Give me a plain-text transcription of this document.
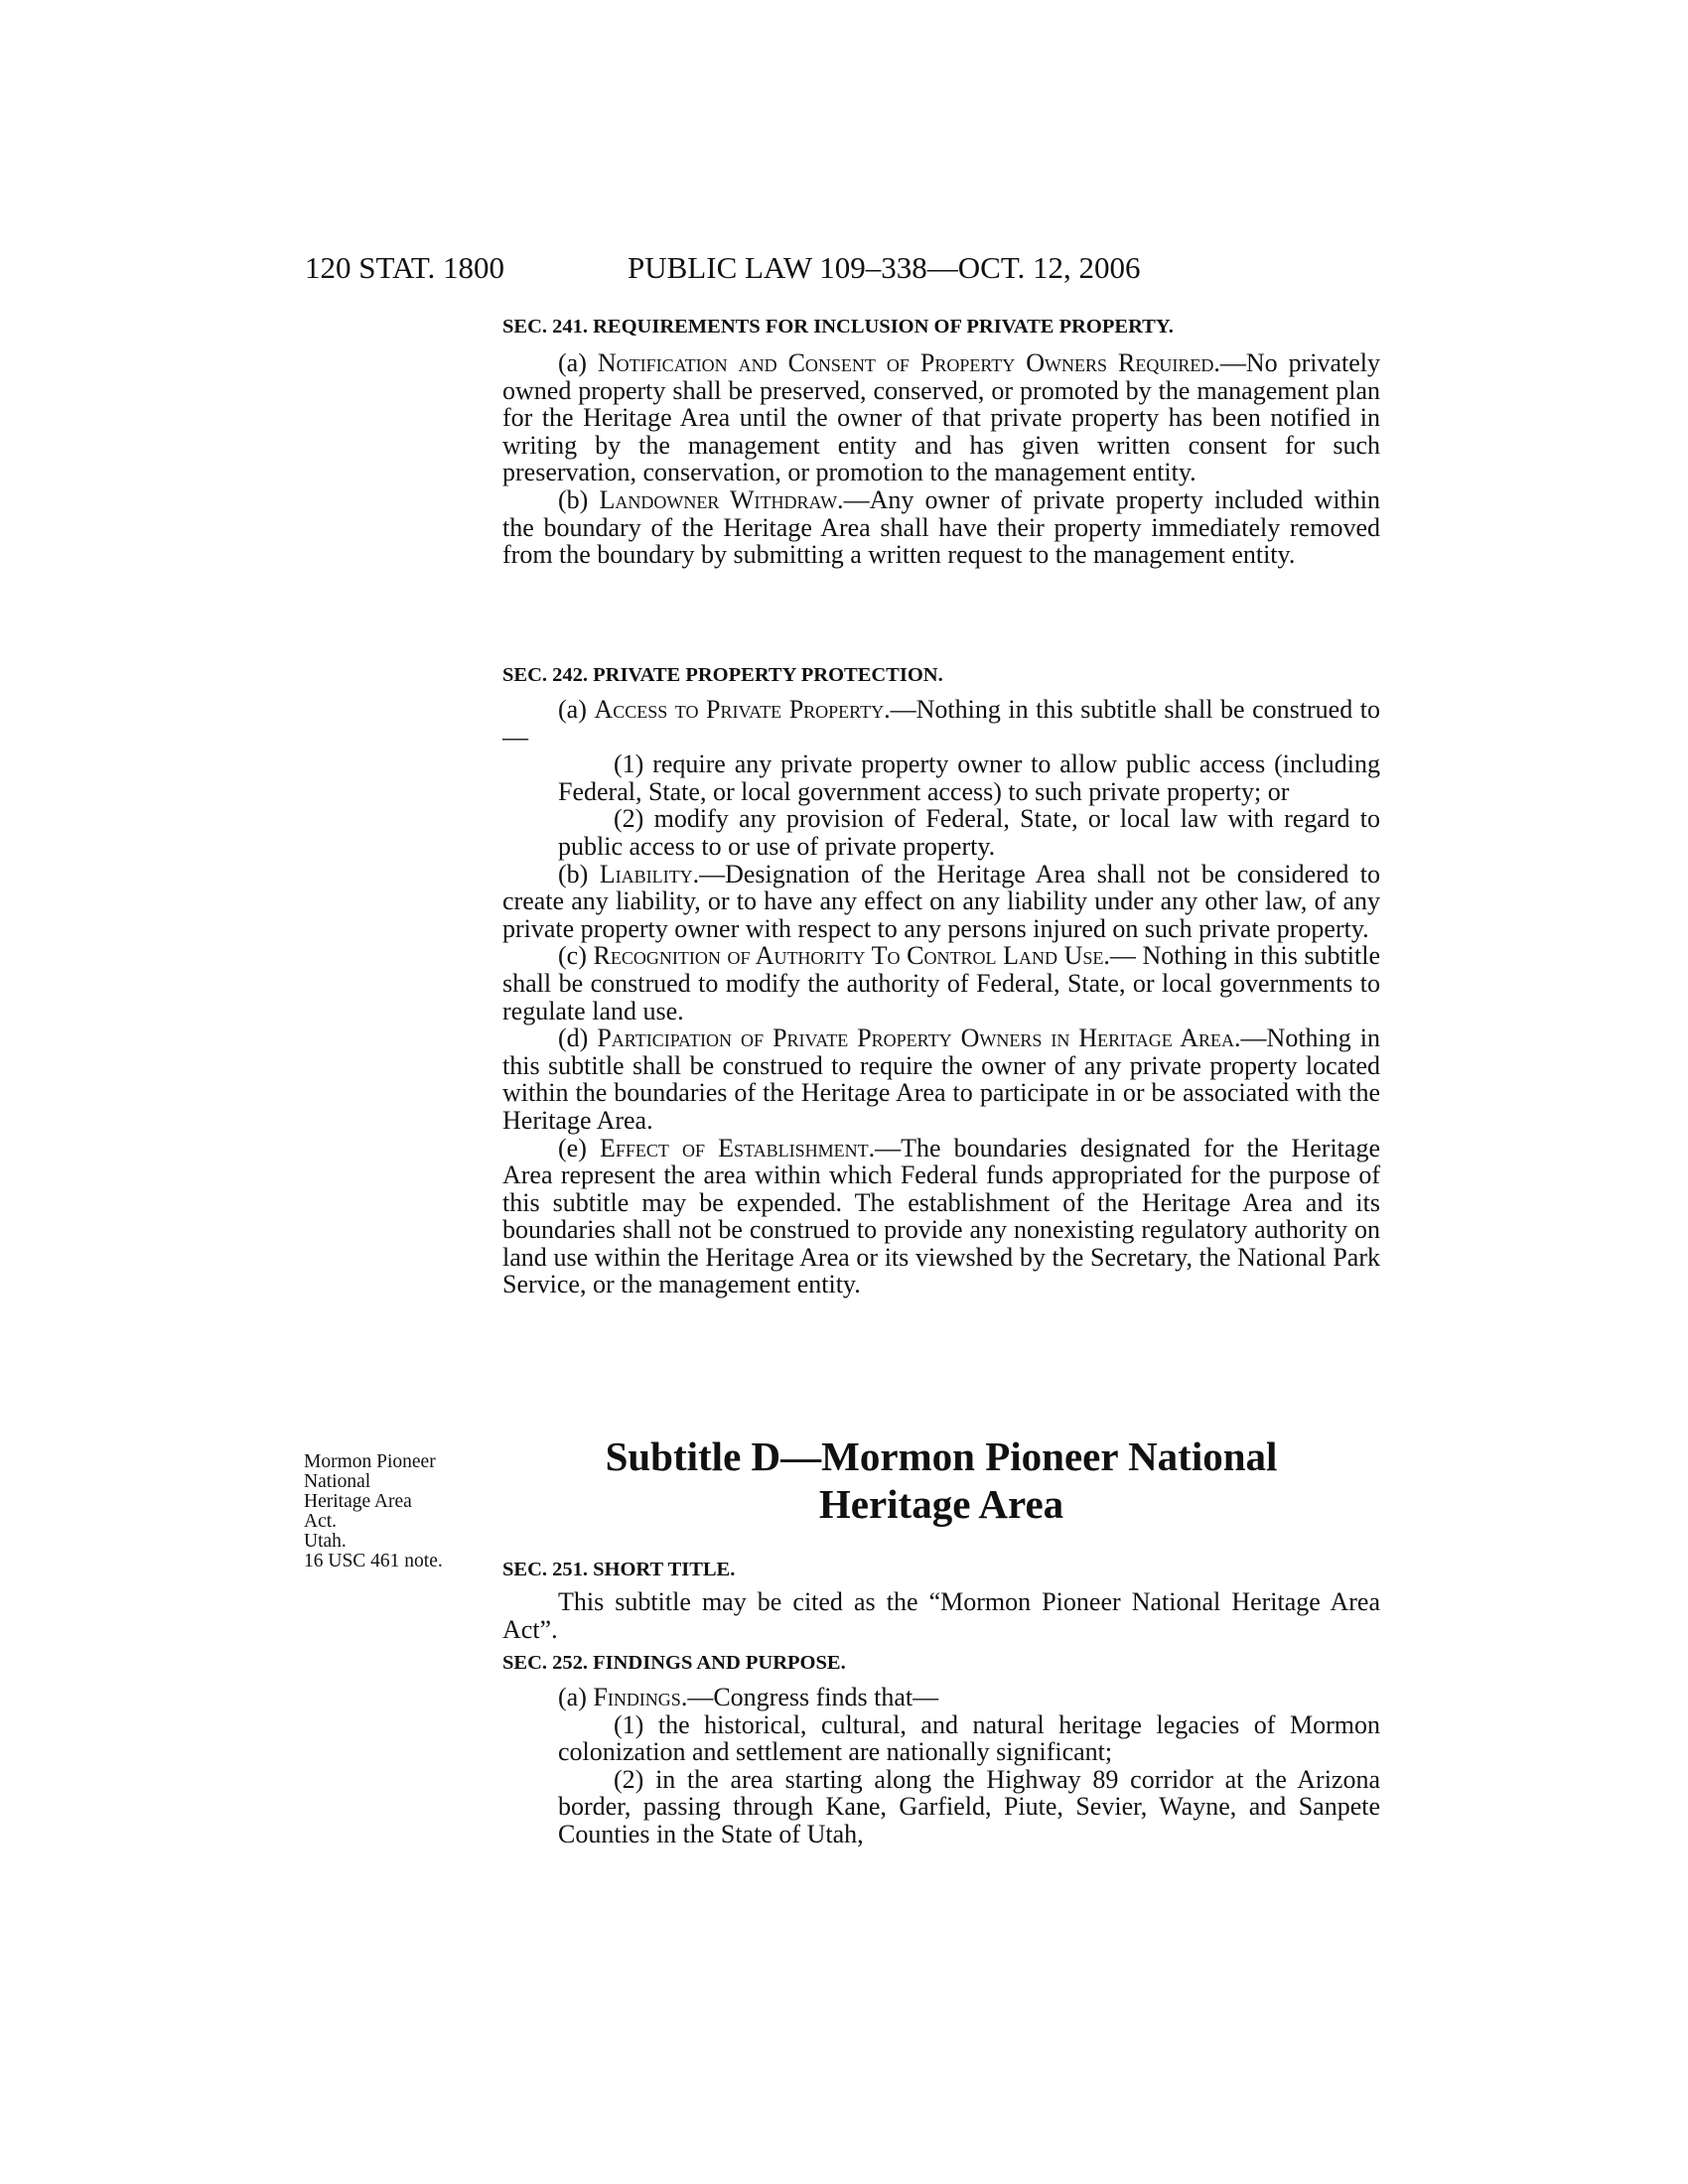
120 STAT. 1800	PUBLIC LAW 109–338—OCT. 12, 2006
SEC. 241. REQUIREMENTS FOR INCLUSION OF PRIVATE PROPERTY.
(a) Notification and Consent of Property Owners Required.—No privately owned property shall be preserved, conserved, or promoted by the management plan for the Heritage Area until the owner of that private property has been notified in writing by the management entity and has given written consent for such preservation, conservation, or promotion to the management entity.
(b) Landowner Withdraw.—Any owner of private property included within the boundary of the Heritage Area shall have their property immediately removed from the boundary by submitting a written request to the management entity.
SEC. 242. PRIVATE PROPERTY PROTECTION.
(a) Access to Private Property.—Nothing in this subtitle shall be construed to—
(1) require any private property owner to allow public access (including Federal, State, or local government access) to such private property; or
(2) modify any provision of Federal, State, or local law with regard to public access to or use of private property.
(b) Liability.—Designation of the Heritage Area shall not be considered to create any liability, or to have any effect on any liability under any other law, of any private property owner with respect to any persons injured on such private property.
(c) Recognition of Authority To Control Land Use.— Nothing in this subtitle shall be construed to modify the authority of Federal, State, or local governments to regulate land use.
(d) Participation of Private Property Owners in Heritage Area.—Nothing in this subtitle shall be construed to require the owner of any private property located within the boundaries of the Heritage Area to participate in or be associated with the Heritage Area.
(e) Effect of Establishment.—The boundaries designated for the Heritage Area represent the area within which Federal funds appropriated for the purpose of this subtitle may be expended. The establishment of the Heritage Area and its boundaries shall not be construed to provide any nonexisting regulatory authority on land use within the Heritage Area or its viewshed by the Secretary, the National Park Service, or the management entity.
Subtitle D—Mormon Pioneer National
Heritage Area
Mormon Pioneer
National
Heritage Area
Act.
Utah.
16 USC 461 note.	SEC. 251. SHORT TITLE.
This subtitle may be cited as the “Mormon Pioneer National Heritage Area Act”.
SEC. 252. FINDINGS AND PURPOSE.
(a) Findings.—Congress finds that—
(1) the historical, cultural, and natural heritage legacies of Mormon colonization and settlement are nationally significant;
(2) in the area starting along the Highway 89 corridor at the Arizona border, passing through Kane, Garfield, Piute, Sevier, Wayne, and Sanpete Counties in the State of Utah,
